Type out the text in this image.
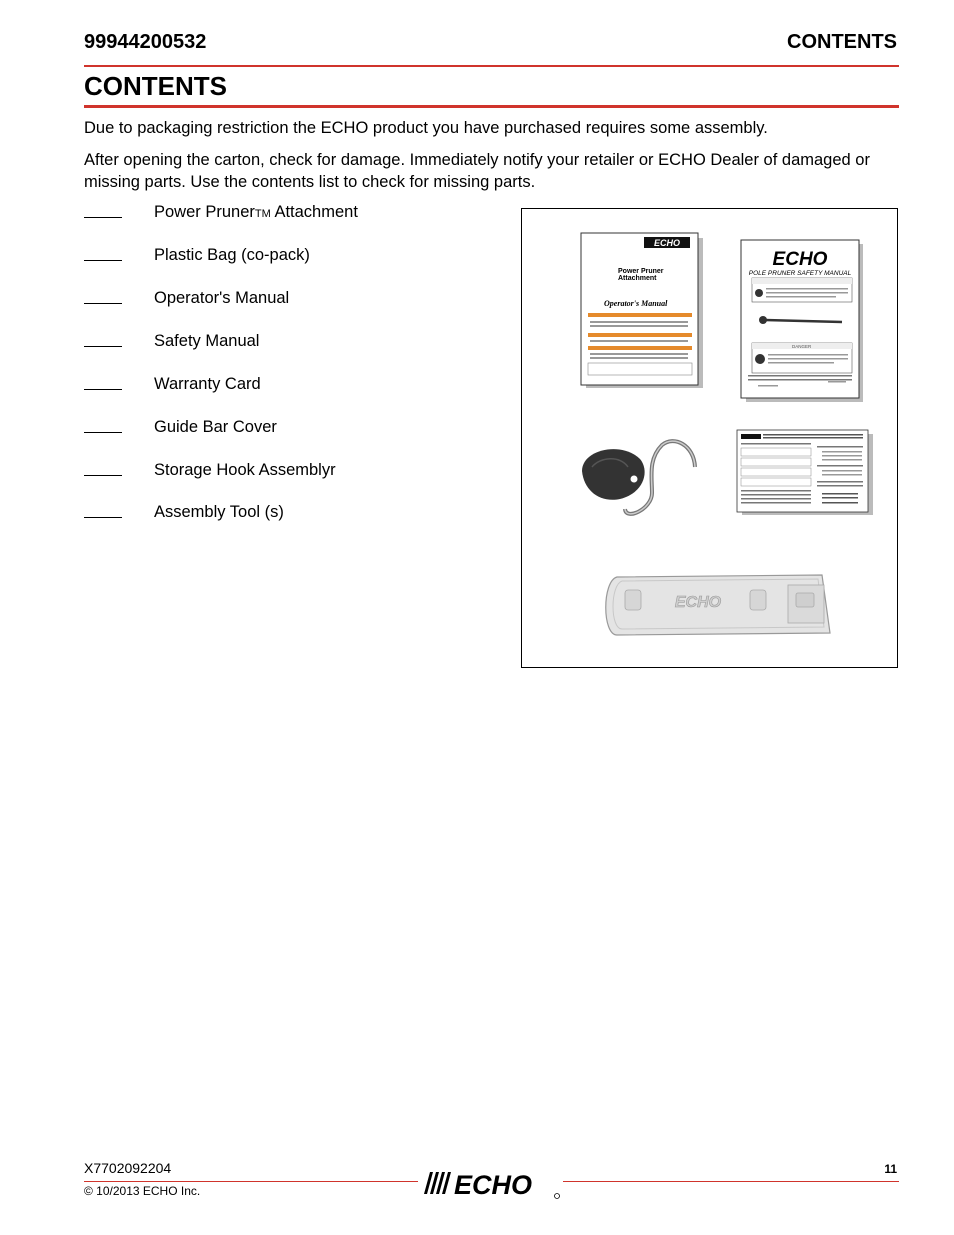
99944200532	CONTENTS
CONTENTS

Due to packaging restriction the ECHO product you have purchased requires some assembly.

After opening the carton, check for damage. Immediately notify your retailer or ECHO Dealer of damaged or missing parts. Use the contents list to check for missing parts.

Power Pruner™ Attachment
Plastic Bag (co-pack)
Operator's Manual
Safety Manual
Warranty Card
Guide Bar Cover
Storage Hook Assemblyr
Assembly Tool (s)
ECHO
Power Pruner
Attachment
Operator's Manual
ECHO
POLE PRUNER SAFETY MANUAL
DANGER
ECHO
X7702092204
© 10/2013 ECHO Inc.
11
ECHO
